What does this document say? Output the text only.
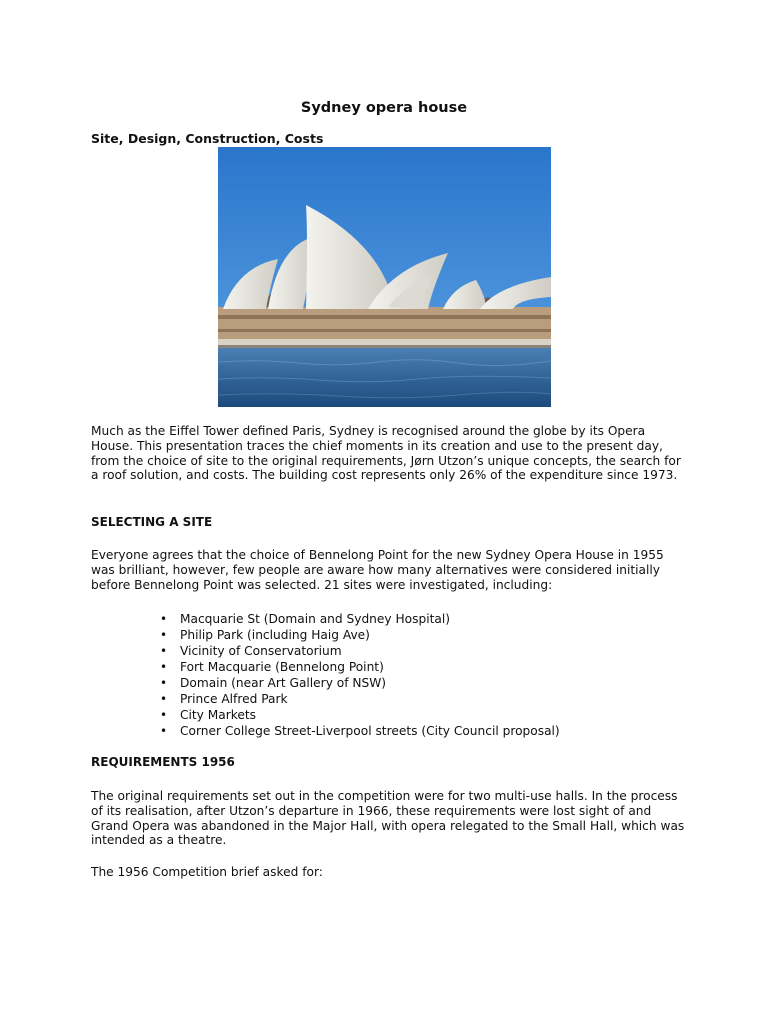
Sydney opera house
Site, Design, Construction, Costs

Much as the Eiffel Tower defined Paris, Sydney is recognised around the globe by its Opera House. This presentation traces the chief moments in its creation and use to the present day, from the choice of site to the original requirements, Jørn Utzon’s unique concepts, the search for a roof solution, and costs. The building cost represents only 26% of the expenditure since 1973.

SELECTING A SITE

Everyone agrees that the choice of Bennelong Point for the new Sydney Opera House in 1955 was brilliant, however, few people are aware how many alternatives were considered initially before Bennelong Point was selected. 21 sites were investigated, including:

• Macquarie St (Domain and Sydney Hospital)
• Philip Park (including Haig Ave)
• Vicinity of Conservatorium
• Fort Macquarie (Bennelong Point)
• Domain (near Art Gallery of NSW)
• Prince Alfred Park
• City Markets
• Corner College Street-Liverpool streets (City Council proposal)

REQUIREMENTS 1956

The original requirements set out in the competition were for two multi-use halls. In the process of its realisation, after Utzon’s departure in 1966, these requirements were lost sight of and Grand Opera was abandoned in the Major Hall, with opera relegated to the Small Hall, which was intended as a theatre.

The 1956 Competition brief asked for:
